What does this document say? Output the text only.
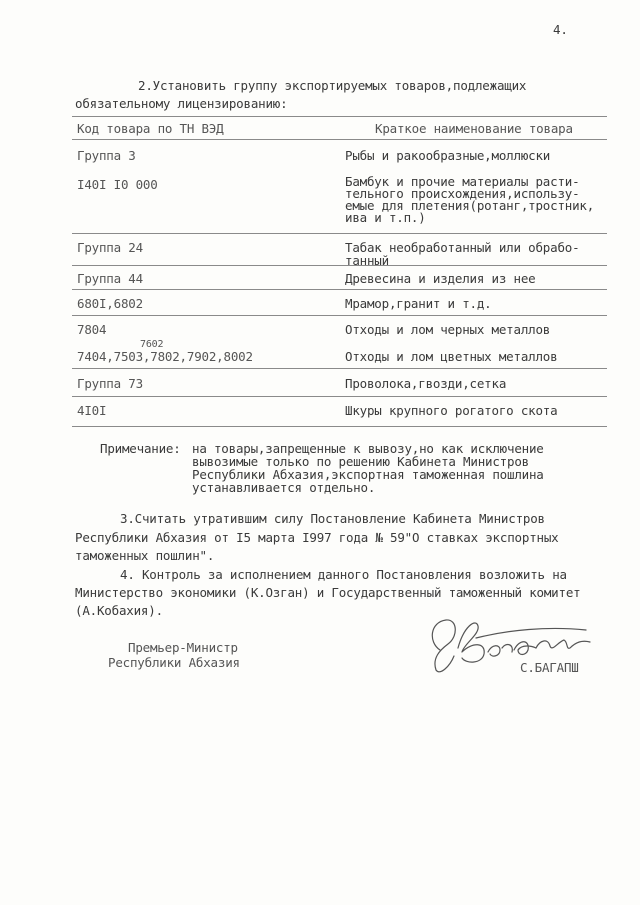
4.
2.Установить группу экспортируемых товаров,подлежащих
обязательному лицензированию:
Код товара по ТН ВЭД	Краткое наименование товара
Группа 3	Рыбы и ракообразные,моллюски
I40I I0 000	Бамбук и прочие материалы расти-
тельного происхождения,использу-
емые для плетения(ротанг,тростник,
ива и т.п.)
Группа 24	Табак необработанный или обрабо-
танный
Группа 44	Древесина и изделия из нее
680I,6802	Мрамор,гранит и т.д.
7804	Отходы и лом черных металлов
7602
7404,7503,7802,7902,8002	Отходы и лом цветных металлов
Группа 73	Проволока,гвозди,сетка
4I0I	Шкуры крупного рогатого скота
Примечание: на товары,запрещенные к вывозу,но как исключение
вывозимые только по решению Кабинета Министров
Республики Абхазия,экспортная таможенная пошлина
устанавливается отдельно.
3.Считать утратившим силу Постановление Кабинета Министров
Республики Абхазия от I5 марта I997 года № 59"О ставках экспортных
таможенных пошлин".
4. Контроль за исполнением данного Постановления возложить на
Министерство экономики (К.Озган) и Государственный таможенный комитет
(А.Кобахия).
Премьер-Министр
Республики Абхазия	С.БАГАПШ
